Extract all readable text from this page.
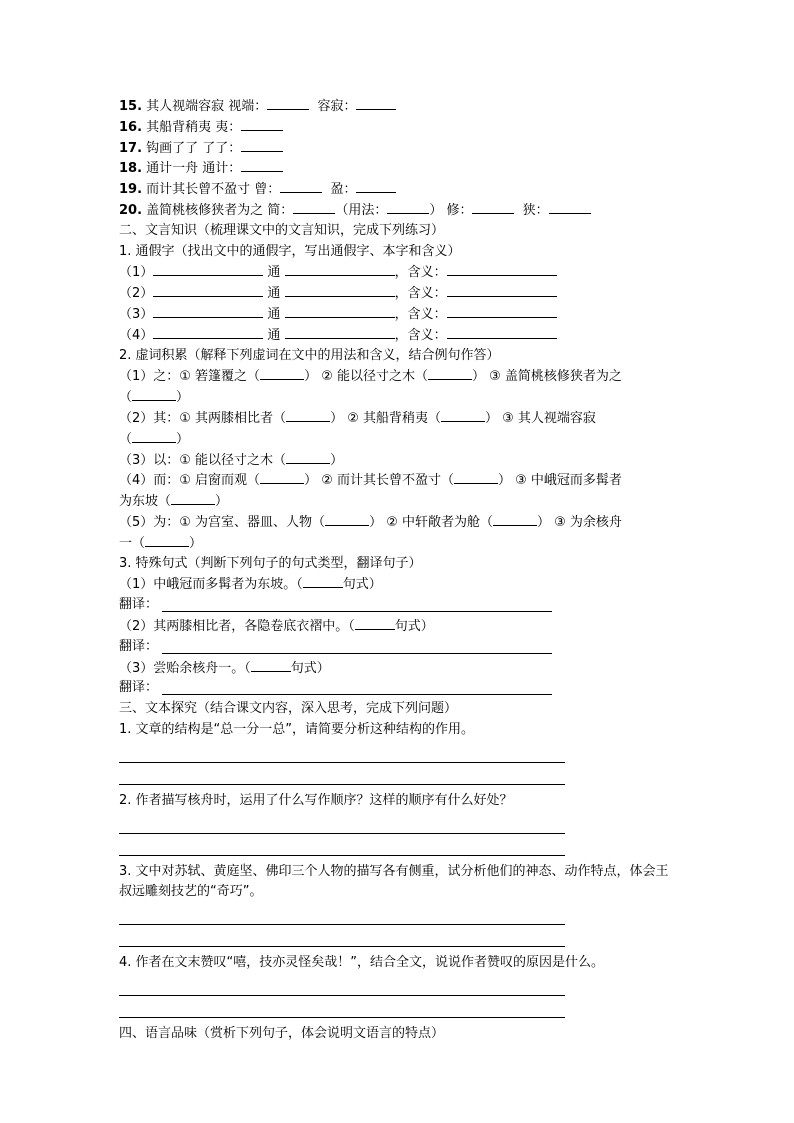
15. 其人视端容寂 视端：	容寂：
16. 其船背稍夷 夷：
17. 钩画了了 了了：
18. 通计一舟 通计：
19. 而计其长曾不盈寸 曾：	盈：
20. 盖简桃核修狭者为之 简：	（用法：	） 修：	狭：
二、文言知识（梳理课文中的文言知识，完成下列练习）
1. 通假字（找出文中的通假字，写出通假字、本字和含义）
（1）	通	，含义：
（2）	通	，含义：
（3）	通	，含义：
（4）	通	，含义：
2. 虚词积累（解释下列虚词在文中的用法和含义，结合例句作答）
（1）之：① 箬篷覆之（	） ② 能以径寸之木（	） ③ 盖简桃核修狭者为之
（	）
（2）其：① 其两膝相比者（	） ② 其船背稍夷（	） ③ 其人视端容寂
（	）
（3）以：① 能以径寸之木（	）
（4）而：① 启窗而观（	） ② 而计其长曾不盈寸（	） ③ 中峨冠而多髯者
为东坡（	）
（5）为：① 为宫室、器皿、人物（	） ② 中轩敞者为舱（	） ③ 为余核舟
一（	）
3. 特殊句式（判断下列句子的句式类型，翻译句子）
（1）中峨冠而多髯者为东坡。（	句式）
翻译：
（2）其两膝相比者，各隐卷底衣褶中。（	句式）
翻译：
（3）尝贻余核舟一。（	句式）
翻译：
三、文本探究（结合课文内容，深入思考，完成下列问题）
1. 文章的结构是“总一分一总”，请简要分析这种结构的作用。
2. 作者描写核舟时，运用了什么写作顺序？这样的顺序有什么好处？
3. 文中对苏轼、黄庭坚、佛印三个人物的描写各有侧重，试分析他们的神态、动作特点，体会王叔远雕刻技艺的“奇巧”。
4. 作者在文末赞叹“嘻，技亦灵怪矣哉！”，结合全文，说说作者赞叹的原因是什么。
四、语言品味（赏析下列句子，体会说明文语言的特点）
